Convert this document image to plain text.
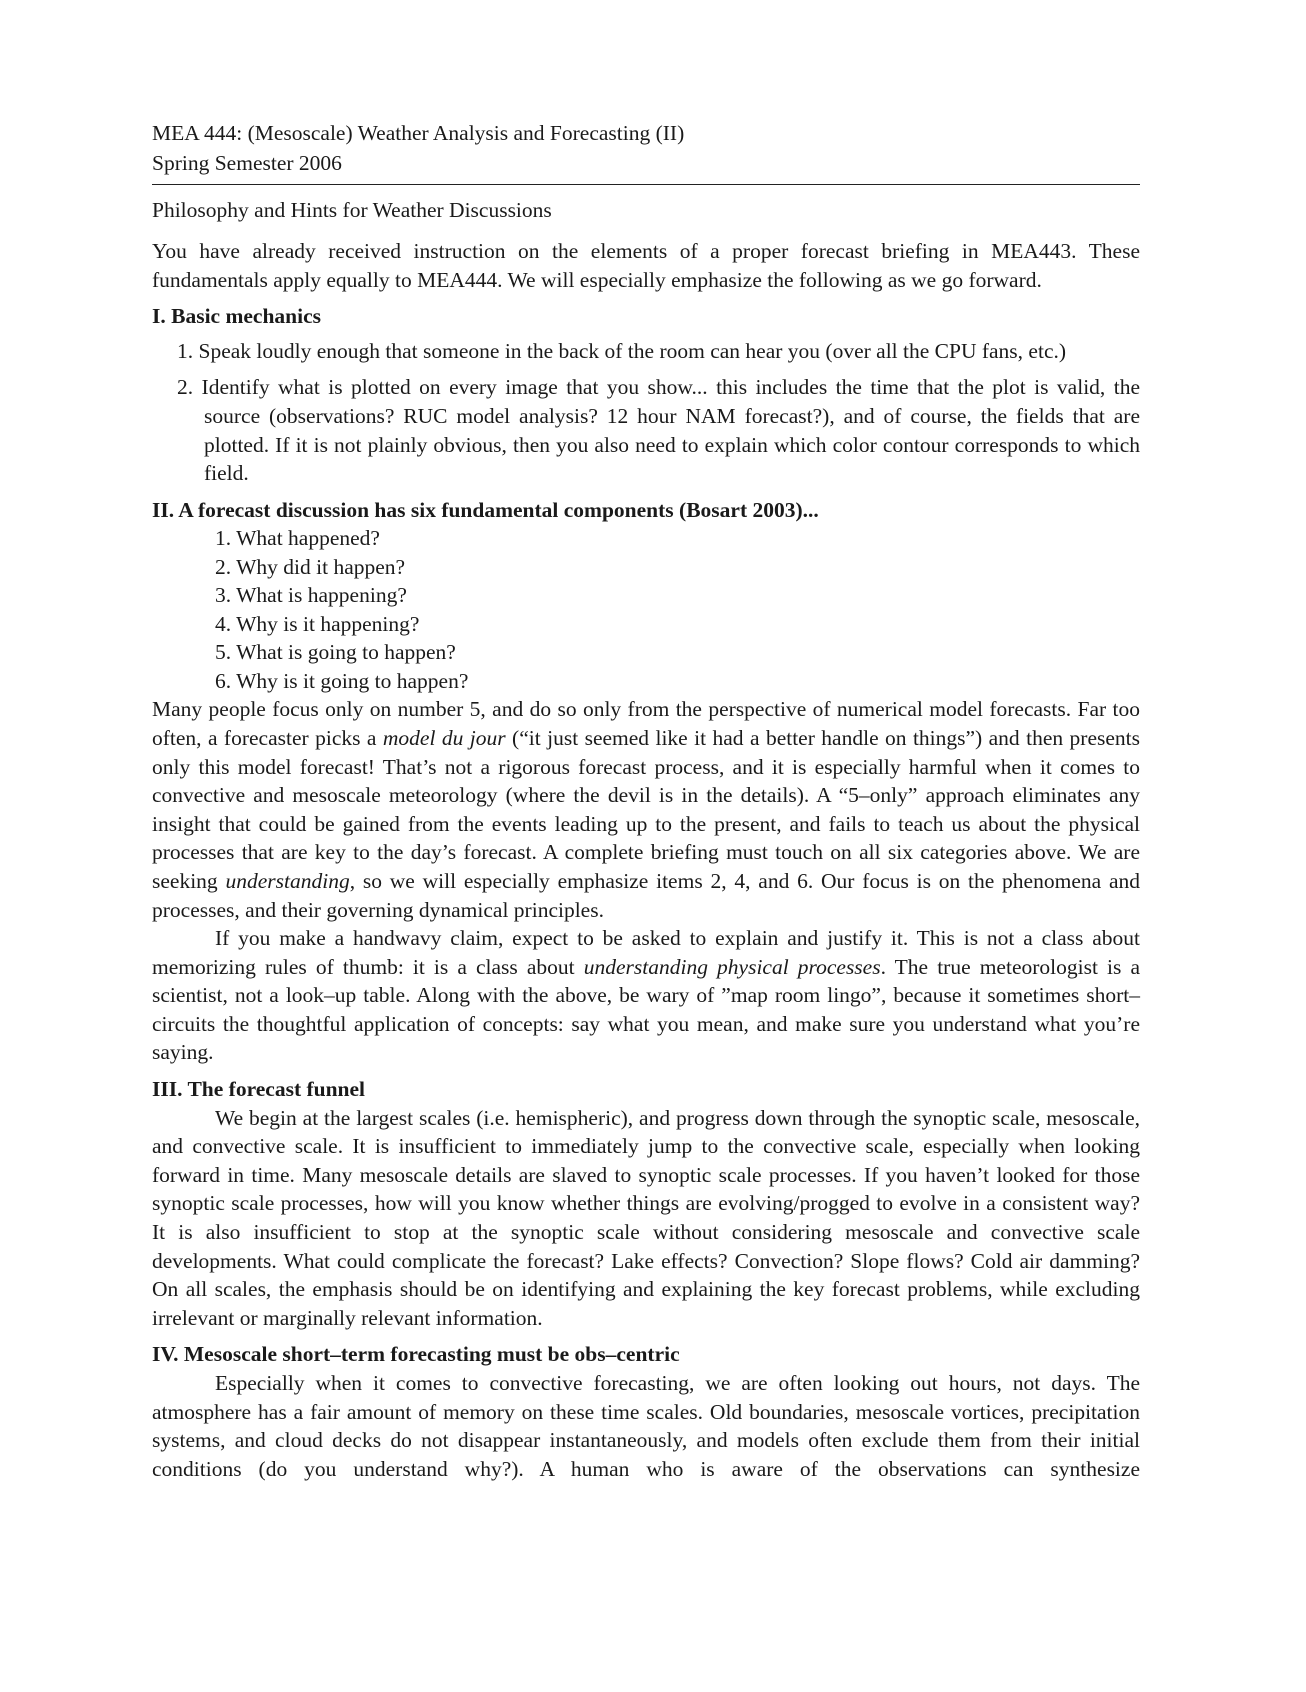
MEA 444: (Mesoscale) Weather Analysis and Forecasting (II)
Spring Semester 2006
Philosophy and Hints for Weather Discussions

You have already received instruction on the elements of a proper forecast briefing in MEA443. These fundamentals apply equally to MEA444. We will especially emphasize the following as we go forward.

I. Basic mechanics

1. Speak loudly enough that someone in the back of the room can hear you (over all the CPU fans, etc.)

2. Identify what is plotted on every image that you show... this includes the time that the plot is valid, the source (observations? RUC model analysis? 12 hour NAM forecast?), and of course, the fields that are plotted. If it is not plainly obvious, then you also need to explain which color contour corresponds to which field.

II. A forecast discussion has six fundamental components (Bosart 2003)...
1. What happened?
2. Why did it happen?
3. What is happening?
4. Why is it happening?
5. What is going to happen?
6. Why is it going to happen?

Many people focus only on number 5, and do so only from the perspective of numerical model forecasts. Far too often, a forecaster picks a model du jour (“it just seemed like it had a better handle on things”) and then presents only this model forecast! That’s not a rigorous forecast process, and it is especially harmful when it comes to convective and mesoscale meteorology (where the devil is in the details). A “5–only” approach eliminates any insight that could be gained from the events leading up to the present, and fails to teach us about the physical processes that are key to the day’s forecast. A complete briefing must touch on all six categories above. We are seeking understanding, so we will especially emphasize items 2, 4, and 6. Our focus is on the phenomena and processes, and their governing dynamical principles.

If you make a handwavy claim, expect to be asked to explain and justify it. This is not a class about memorizing rules of thumb: it is a class about understanding physical processes. The true meteorologist is a scientist, not a look–up table. Along with the above, be wary of ”map room lingo”, because it sometimes short–circuits the thoughtful application of concepts: say what you mean, and make sure you understand what you’re saying.

III. The forecast funnel

We begin at the largest scales (i.e. hemispheric), and progress down through the synoptic scale, mesoscale, and convective scale. It is insufficient to immediately jump to the convective scale, especially when looking forward in time. Many mesoscale details are slaved to synoptic scale processes. If you haven’t looked for those synoptic scale processes, how will you know whether things are evolving/progged to evolve in a consistent way? It is also insufficient to stop at the synoptic scale without considering mesoscale and convective scale developments. What could complicate the forecast? Lake effects? Convection? Slope flows? Cold air damming? On all scales, the emphasis should be on identifying and explaining the key forecast problems, while excluding irrelevant or marginally relevant information.

IV. Mesoscale short–term forecasting must be obs–centric

Especially when it comes to convective forecasting, we are often looking out hours, not days. The atmosphere has a fair amount of memory on these time scales. Old boundaries, mesoscale vortices, precipitation systems, and cloud decks do not disappear instantaneously, and models often exclude them from their initial conditions (do you understand why?). A human who is aware of the observations can synthesize
